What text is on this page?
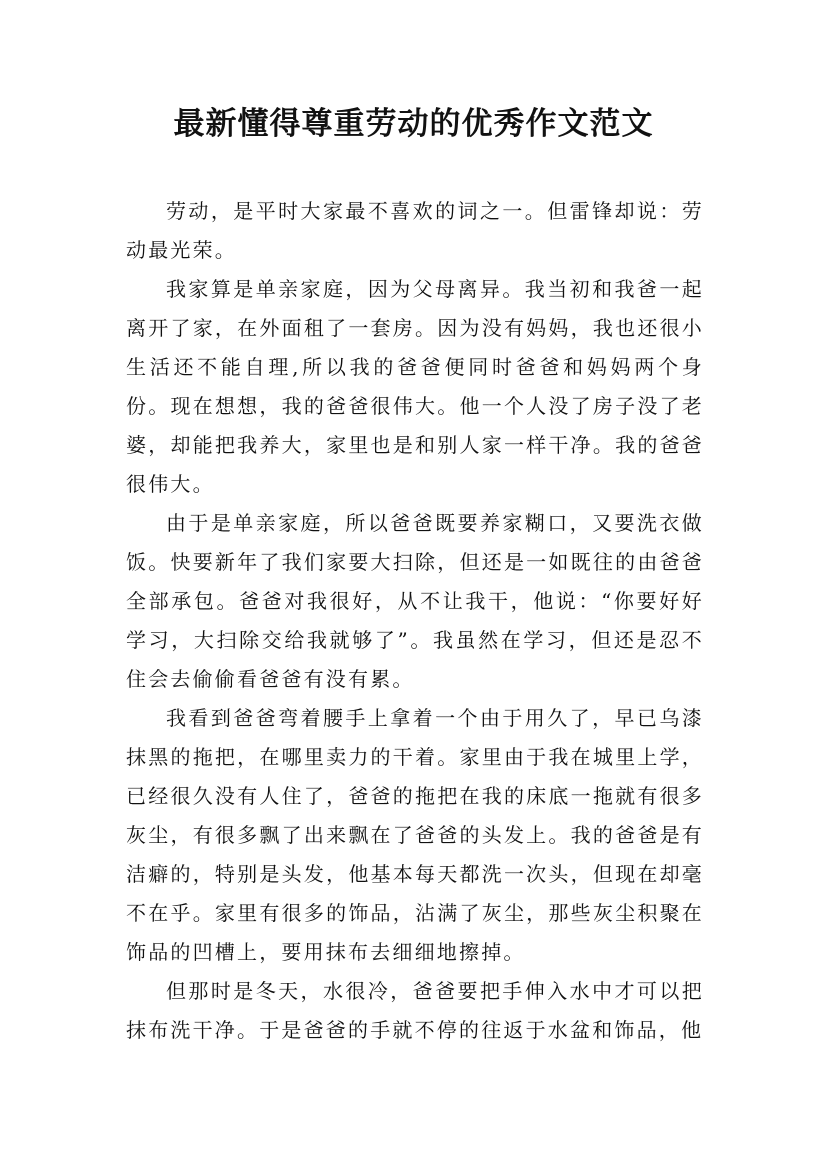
最新懂得尊重劳动的优秀作文范文

劳动，是平时大家最不喜欢的词之一。但雷锋却说：劳动最光荣。

我家算是单亲家庭，因为父母离异。我当初和我爸一起离开了家，在外面租了一套房。因为没有妈妈，我也还很小生活还不能自理,所以我的爸爸便同时爸爸和妈妈两个身份。现在想想，我的爸爸很伟大。他一个人没了房子没了老婆，却能把我养大，家里也是和别人家一样干净。我的爸爸很伟大。

由于是单亲家庭，所以爸爸既要养家糊口，又要洗衣做饭。快要新年了我们家要大扫除，但还是一如既往的由爸爸全部承包。爸爸对我很好，从不让我干，他说：“你要好好学习，大扫除交给我就够了”。我虽然在学习，但还是忍不住会去偷偷看爸爸有没有累。

我看到爸爸弯着腰手上拿着一个由于用久了，早已乌漆抹黑的拖把，在哪里卖力的干着。家里由于我在城里上学，已经很久没有人住了，爸爸的拖把在我的床底一拖就有很多灰尘，有很多飘了出来飘在了爸爸的头发上。我的爸爸是有洁癖的，特别是头发，他基本每天都洗一次头，但现在却毫不在乎。家里有很多的饰品，沾满了灰尘，那些灰尘积聚在饰品的凹槽上，要用抹布去细细地擦掉。

但那时是冬天，水很冷，爸爸要把手伸入水中才可以把抹布洗干净。于是爸爸的手就不停的往返于水盆和饰品，他
